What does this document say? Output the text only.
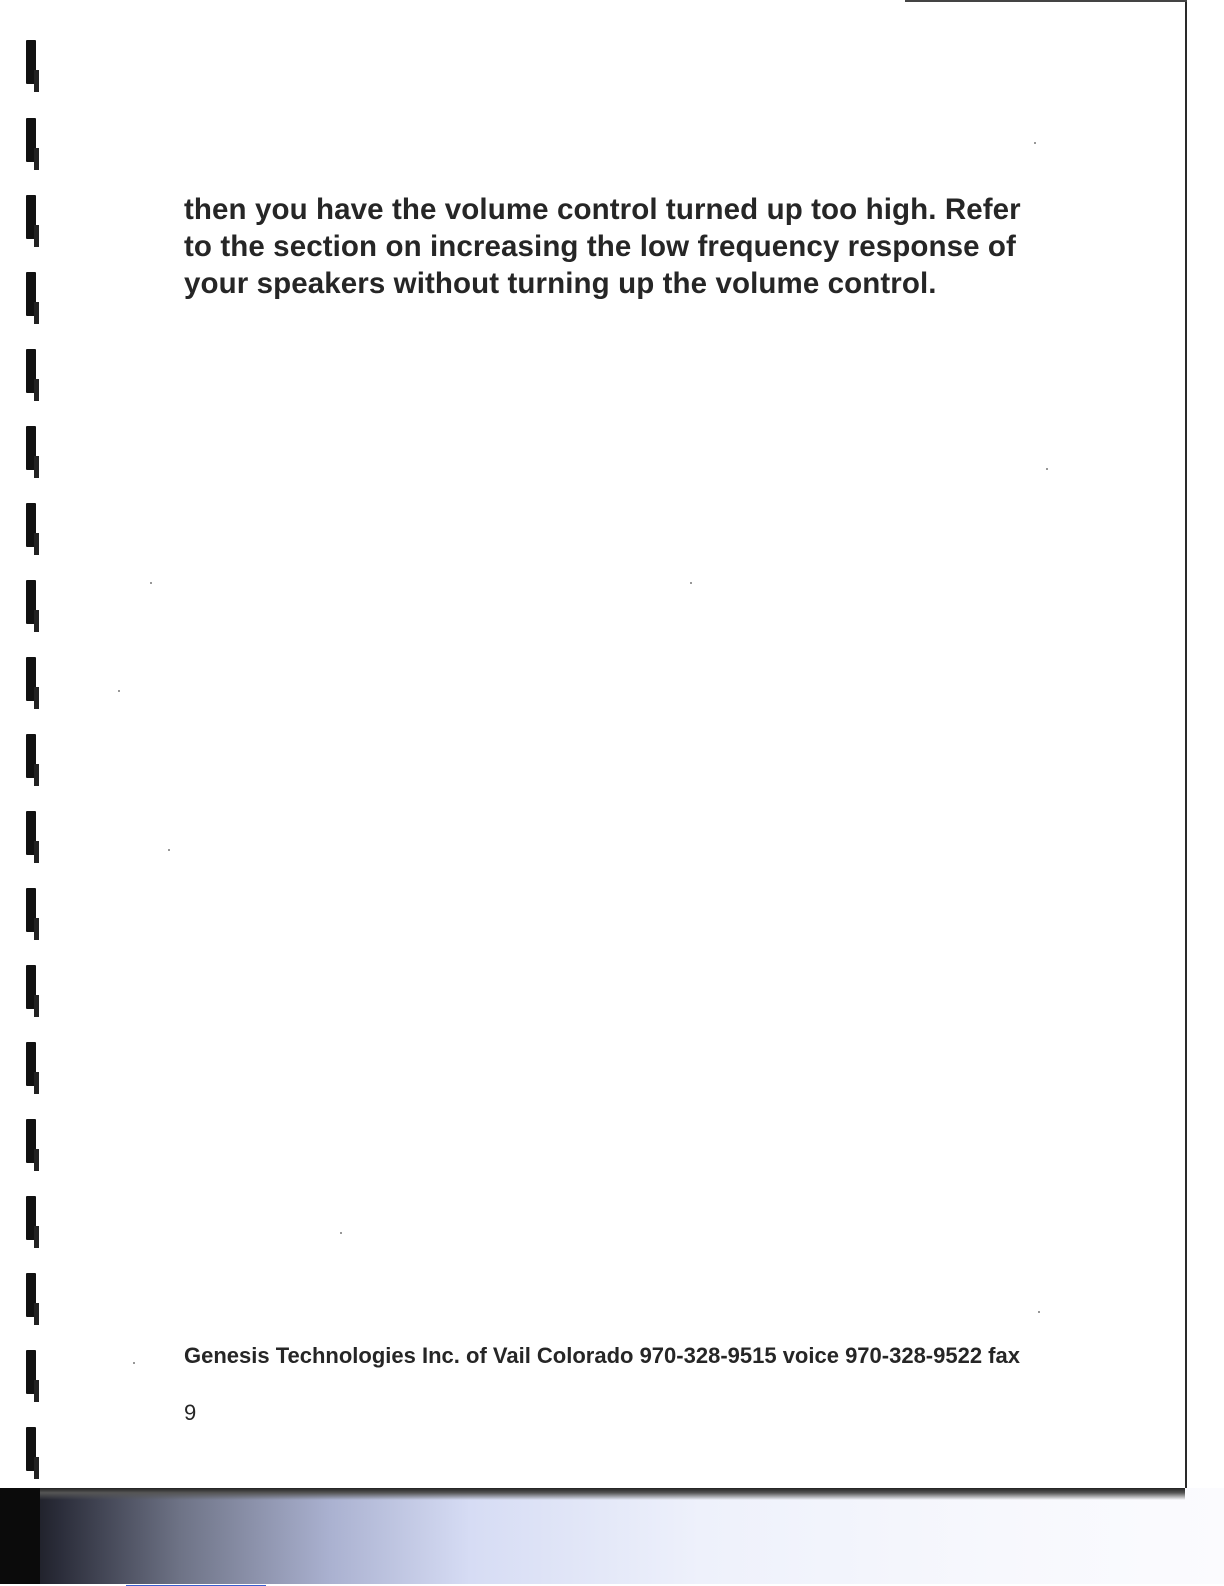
then you have the volume control turned up too high. Refer
to the section on increasing the low frequency response of
your speakers without turning up the volume control.

Genesis Technologies Inc. of Vail Colorado 970-328-9515 voice 970-328-9522 fax

9
